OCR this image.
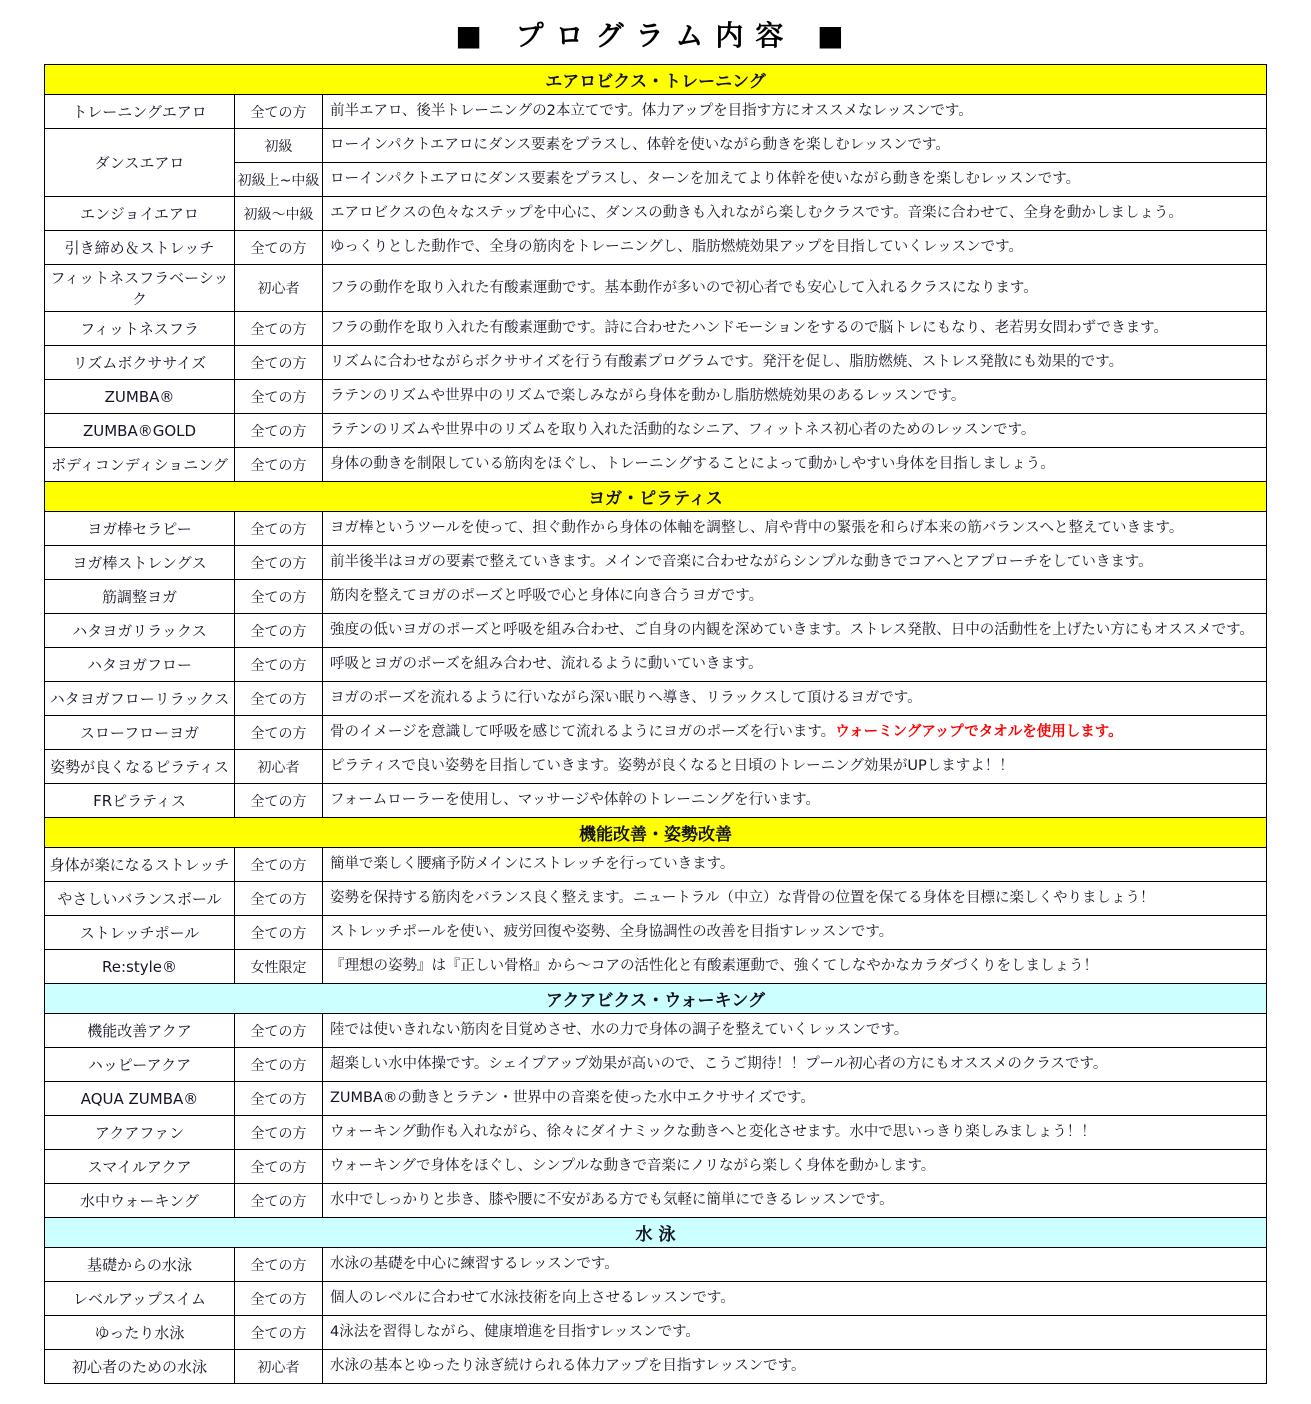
■ プログラム内容 ■
エアロビクス・トレーニング		
トレーニングエアロ	全ての方	前半エアロ、後半トレーニングの2本立てです。体力アップを目指す方にオススメなレッスンです。
ダンスエアロ	初級	ローインパクトエアロにダンス要素をプラスし、体幹を使いながら動きを楽しむレッスンです。
	初級上~中級	ローインパクトエアロにダンス要素をプラスし、ターンを加えてより体幹を使いながら動きを楽しむレッスンです。
エンジョイエアロ	初級～中級	エアロビクスの色々なステップを中心に、ダンスの動きも入れながら楽しむクラスです。音楽に合わせて、全身を動かしましょう。
引き締め＆ストレッチ	全ての方	ゆっくりとした動作で、全身の筋肉をトレーニングし、脂肪燃焼効果アップを目指していくレッスンです。
フィットネスフラベーシック	初心者	フラの動作を取り入れた有酸素運動です。基本動作が多いので初心者でも安心して入れるクラスになります。
フィットネスフラ	全ての方	フラの動作を取り入れた有酸素運動です。詩に合わせたハンドモーションをするので脳トレにもなり、老若男女問わずできます。
リズムボクササイズ	全ての方	リズムに合わせながらボクササイズを行う有酸素プログラムです。発汗を促し、脂肪燃焼、ストレス発散にも効果的です。
ZUMBA®	全ての方	ラテンのリズムや世界中のリズムで楽しみながら身体を動かし脂肪燃焼効果のあるレッスンです。
ZUMBA®GOLD	全ての方	ラテンのリズムや世界中のリズムを取り入れた活動的なシニア、フィットネス初心者のためのレッスンです。
ボディコンディショニング	全ての方	身体の動きを制限している筋肉をほぐし、トレーニングすることによって動かしやすい身体を目指しましょう。
ヨガ・ピラティス		
ヨガ棒セラピー	全ての方	ヨガ棒というツールを使って、担ぐ動作から身体の体軸を調整し、肩や背中の緊張を和らげ本来の筋バランスへと整えていきます。
ヨガ棒ストレングス	全ての方	前半後半はヨガの要素で整えていきます。メインで音楽に合わせながらシンプルな動きでコアへとアプローチをしていきます。
筋調整ヨガ	全ての方	筋肉を整えてヨガのポーズと呼吸で心と身体に向き合うヨガです。
ハタヨガリラックス	全ての方	強度の低いヨガのポーズと呼吸を組み合わせ、ご自身の内観を深めていきます。ストレス発散、日中の活動性を上げたい方にもオススメです。
ハタヨガフロー	全ての方	呼吸とヨガのポーズを組み合わせ、流れるように動いていきます。
ハタヨガフローリラックス	全ての方	ヨガのポーズを流れるように行いながら深い眠りへ導き、リラックスして頂けるヨガです。
スローフローヨガ	全ての方	骨のイメージを意識して呼吸を感じて流れるようにヨガのポーズを行います。ウォーミングアップでタオルを使用します。
姿勢が良くなるピラティス	初心者	ピラティスで良い姿勢を目指していきます。姿勢が良くなると日頃のトレーニング効果がUPしますよ！！
FRピラティス	全ての方	フォームローラーを使用し、マッサージや体幹のトレーニングを行います。
機能改善・姿勢改善		
身体が楽になるストレッチ	全ての方	簡単で楽しく腰痛予防メインにストレッチを行っていきます。
やさしいバランスボール	全ての方	姿勢を保持する筋肉をバランス良く整えます。ニュートラル（中立）な背骨の位置を保てる身体を目標に楽しくやりましょう！
ストレッチポール	全ての方	ストレッチポールを使い、疲労回復や姿勢、全身協調性の改善を目指すレッスンです。
Re:style®	女性限定	『理想の姿勢』は『正しい骨格』から～コアの活性化と有酸素運動で、強くてしなやかなカラダづくりをしましょう！
アクアビクス・ウォーキング		
機能改善アクア	全ての方	陸では使いきれない筋肉を目覚めさせ、水の力で身体の調子を整えていくレッスンです。
ハッピーアクア	全ての方	超楽しい水中体操です。シェイプアップ効果が高いので、こうご期待！！プール初心者の方にもオススメのクラスです。
AQUA ZUMBA®	全ての方	ZUMBA®の動きとラテン・世界中の音楽を使った水中エクササイズです。
アクアファン	全ての方	ウォーキング動作も入れながら、徐々にダイナミックな動きへと変化させます。水中で思いっきり楽しみましょう！！
スマイルアクア	全ての方	ウォーキングで身体をほぐし、シンプルな動きで音楽にノリながら楽しく身体を動かします。
水中ウォーキング	全ての方	水中でしっかりと歩き、膝や腰に不安がある方でも気軽に簡単にできるレッスンです。
水 泳		
基礎からの水泳	全ての方	水泳の基礎を中心に練習するレッスンです。
レベルアップスイム	全ての方	個人のレベルに合わせて水泳技術を向上させるレッスンです。
ゆったり水泳	全ての方	4泳法を習得しながら、健康増進を目指すレッスンです。
初心者のための水泳	初心者	水泳の基本とゆったり泳ぎ続けられる体力アップを目指すレッスンです。
